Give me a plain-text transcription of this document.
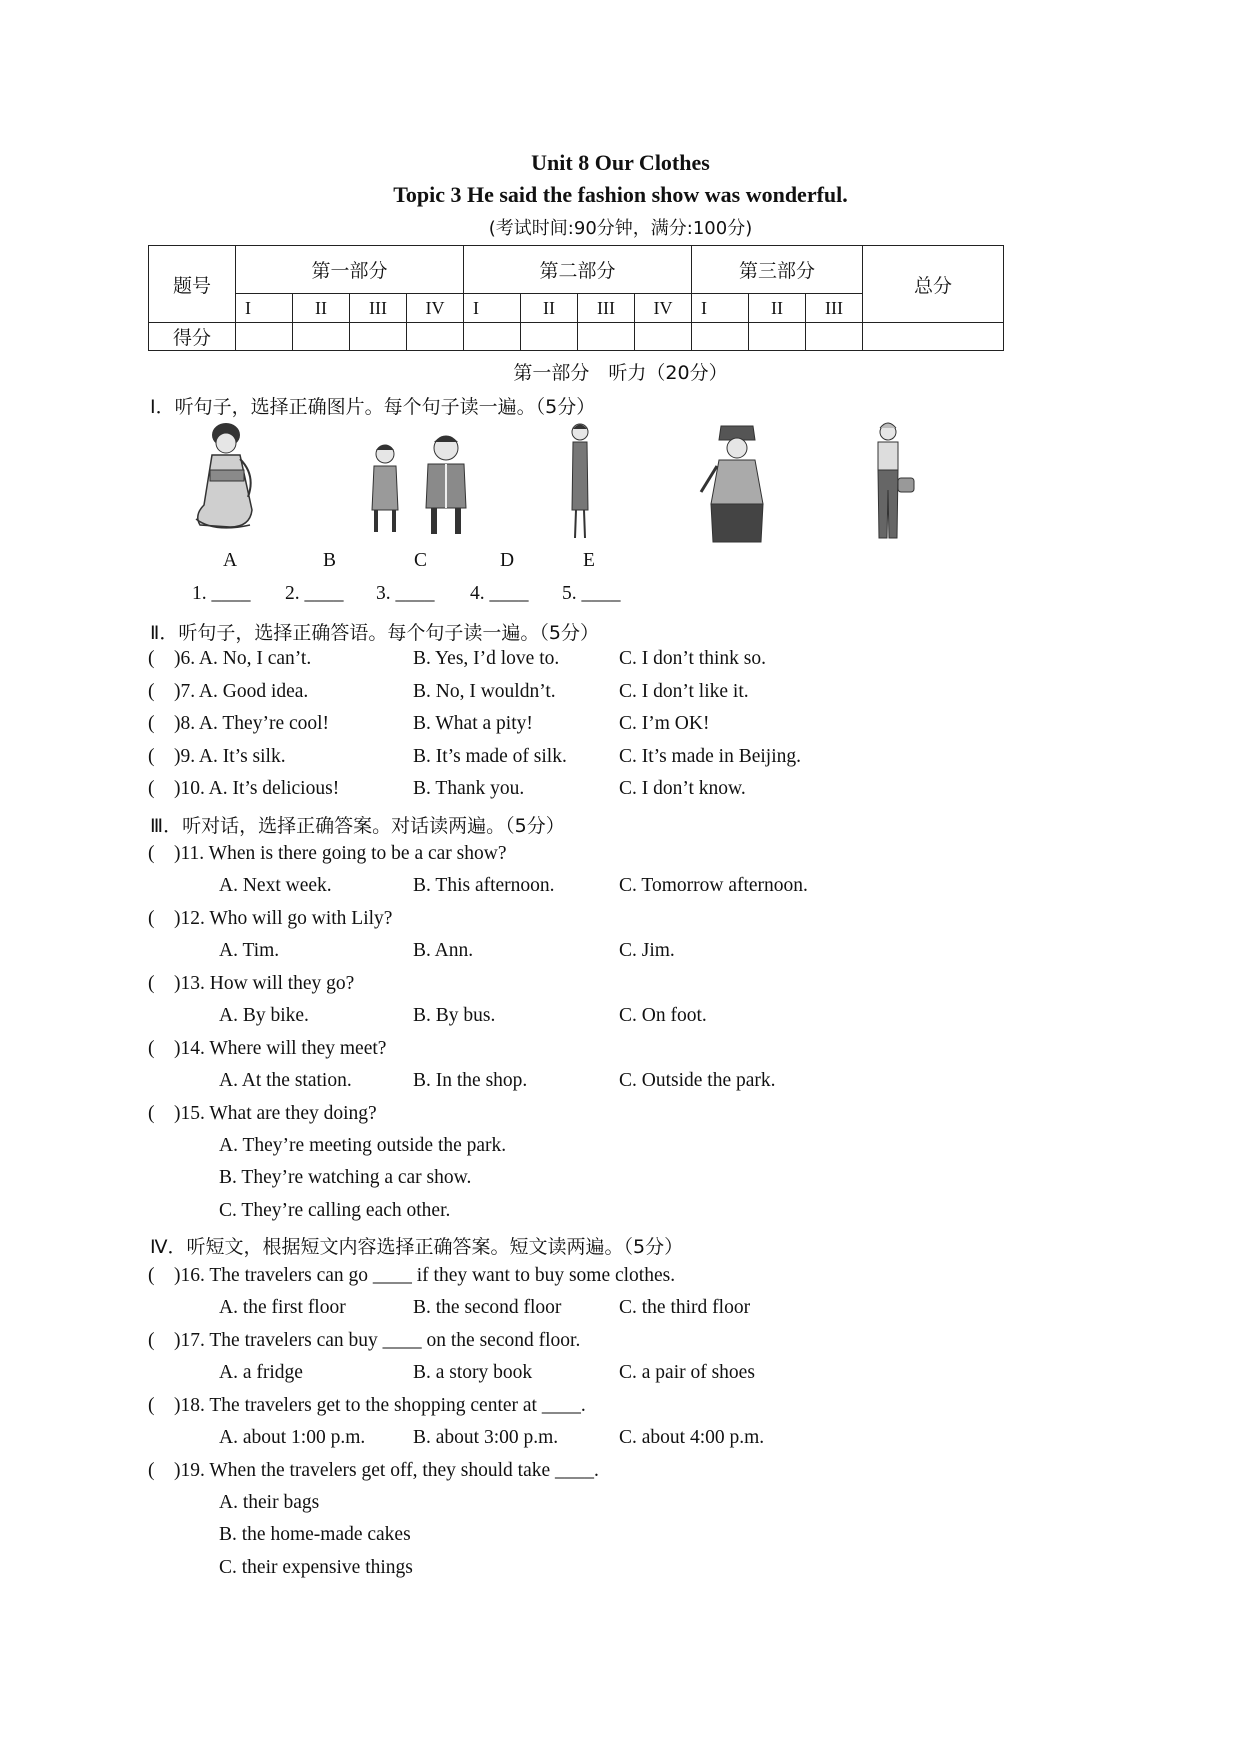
Unit 8 Our Clothes
Topic 3 He said the fashion show was wonderful.
(考试时间:90分钟，满分:100分)
题号	第一部分				第二部分				第三部分			总分
	I	II	III	IV	I	II	III	IV	I	II	III	
得分												
第一部分　听力（20分）
Ⅰ．听句子，选择正确图片。每个句子读一遍。（5分）
A	B	C	D	E
1. ____ 2. ____ 3. ____ 4. ____ 5. ____
Ⅱ．听句子，选择正确答语。每个句子读一遍。（5分）
(    )6. A. No, I can’t.	B. Yes, I’d love to.	C. I don’t think so.
(    )7. A. Good idea.	B. No, I wouldn’t.	C. I don’t like it.
(    )8. A. They’re cool!	B. What a pity!	C. I’m OK!
(    )9. A. It’s silk.	B. It’s made of silk.	C. It’s made in Beijing.
(    )10. A. It’s delicious!	B. Thank you.	C. I don’t know.
Ⅲ．听对话，选择正确答案。对话读两遍。（5分）
(    )11. When is there going to be a car show?
A. Next week.	B. This afternoon.	C. Tomorrow afternoon.
(    )12. Who will go with Lily?
A. Tim.	B. Ann.	C. Jim.
(    )13. How will they go?
A. By bike.	B. By bus.	C. On foot.
(    )14. Where will they meet?
A. At the station.	B. In the shop.	C. Outside the park.
(    )15. What are they doing?
A. They’re meeting outside the park.
B. They’re watching a car show.
C. They’re calling each other.
Ⅳ．听短文，根据短文内容选择正确答案。短文读两遍。（5分）
(    )16. The travelers can go ____ if they want to buy some clothes.
A. the first floor	B. the second floor	C. the third floor
(    )17. The travelers can buy ____ on the second floor.
A. a fridge	B. a story book	C. a pair of shoes
(    )18. The travelers get to the shopping center at ____.
A. about 1:00 p.m. B. about 3:00 p.m.	C. about 4:00 p.m.
(    )19. When the travelers get off, they should take ____.
A. their bags
B. the home-made cakes
C. their expensive things
